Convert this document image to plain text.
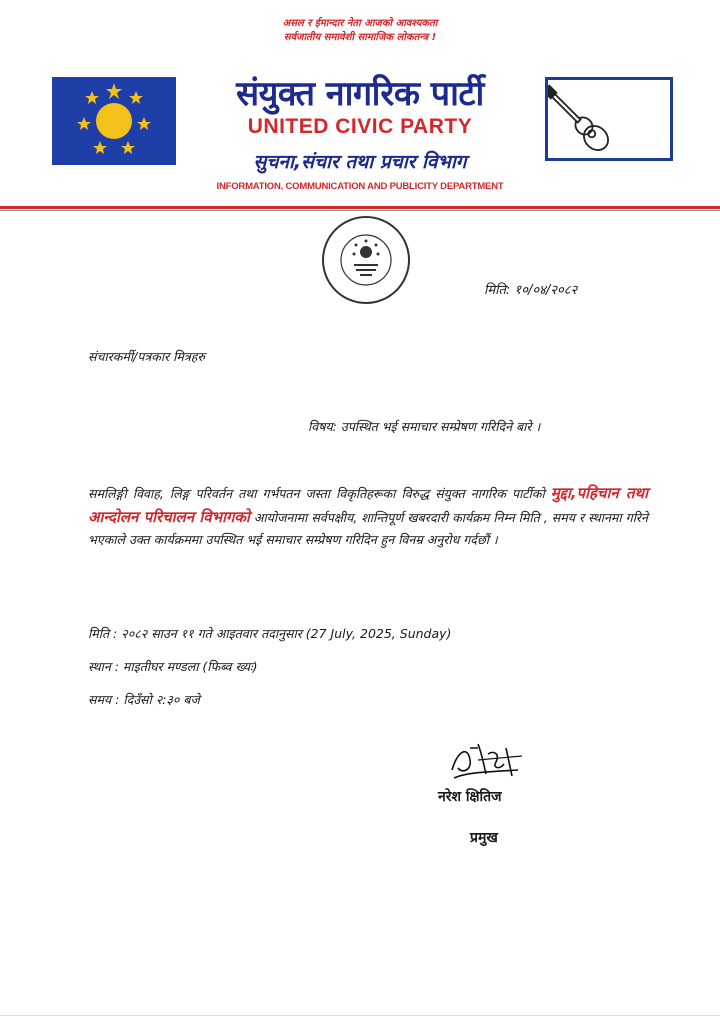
असल र ईमान्दार नेता आजको आवश्यकता
सर्वजातीय समावेशी सामाजिक लोकतन्त्र !
संयुक्त नागरिक पार्टी
UNITED CIVIC PARTY
सुचना,संचार तथा प्रचार विभाग
INFORMATION, COMMUNICATION AND PUBLICITY DEPARTMENT
मिति: १०/०४/२०८२
संचारकर्मी/पत्रकार मित्रहरु
विषय: उपस्थित भई समाचार सम्प्रेषण गरिदिने बारे ।
समलिङ्गी विवाह, लिङ्ग परिवर्तन तथा गर्भपतन जस्ता विकृतिहरूका विरुद्ध संयुक्त नागरिक पार्टीको मुद्दा,पहिचान तथा आन्दोलन परिचालन विभागको आयोजनामा सर्वपक्षीय, शान्तिपूर्ण खबरदारी कार्यक्रम निम्न मिति , समय र स्थानमा गरिने भएकाले उक्त कार्यक्रममा उपस्थित भई समाचार सम्प्रेषण गरिदिन हुन विनम्र अनुरोध गर्दछौं ।
मिति : २०८२ साउन ११ गते आइतवार तदानुसार (27 July, 2025, Sunday)
स्थान : माइतीघर मण्डला (फिब्व ख्यः)
समय : दिउँसो २:३० बजे
नरेश क्षितिज
प्रमुख
